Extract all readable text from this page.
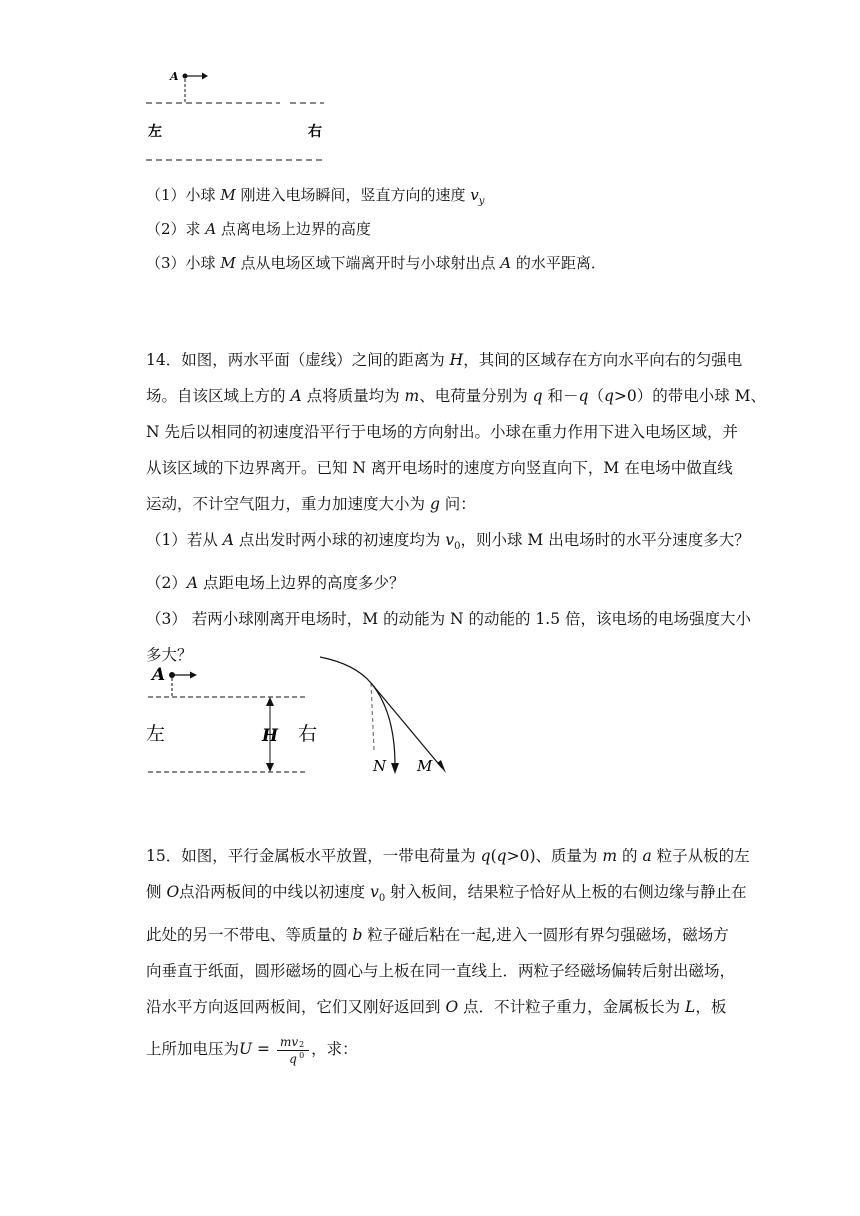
A
左	右
（1）小球 M 刚进入电场瞬间，竖直方向的速度 $v_y$
（2）求 A 点离电场上边界的高度
（3）小球 M 点从电场区域下端离开时与小球射出点 A 的水平距离．
14．如图，两水平面（虚线）之间的距离为 H，其间的区域存在方向水平向右的匀强电
场。自该区域上方的 A 点将质量均为 m、电荷量分别为 q 和－q（q>0）的带电小球 M、
N 先后以相同的初速度沿平行于电场的方向射出。小球在重力作用下进入电场区域，并
从该区域的下边界离开。已知 N 离开电场时的速度方向竖直向下，M 在电场中做直线
运动，不计空气阻力，重力加速度大小为 g 问：
（1）若从 A 点出发时两小球的初速度均为 $v_0$，则小球 M 出电场时的水平分速度多大？
（2）A 点距电场上边界的高度多少？
（3） 若两小球刚离开电场时，M 的动能为 N 的动能的 1.5 倍，该电场的电场强度大小
多大？
A
左	H 右
N M
15．如图，平行金属板水平放置，一带电荷量为 q(q>0)、质量为 m 的 a 粒子从板的左
侧 O点沿两板间的中线以初速度 $v_0$ 射入板间，结果粒子恰好从上板的右侧边缘与静止在
此处的另一不带电、等质量的 b 粒子碰后粘在一起,进入一圆形有界匀强磁场，磁场方
向垂直于纸面，圆形磁场的圆心与上板在同一直线上．两粒子经磁场偏转后射出磁场，
沿水平方向返回两板间，它们又刚好返回到 O 点．不计粒子重力，金属板长为 L，板
上所加电压为U = mv 2
0
q ，求：
